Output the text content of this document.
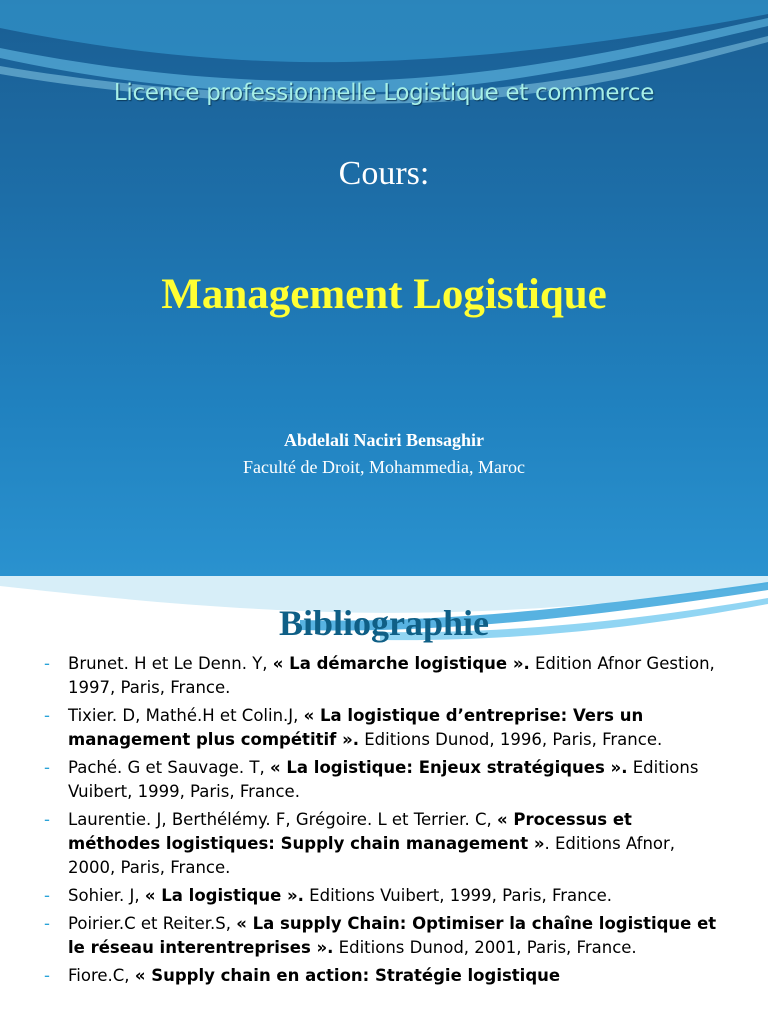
Licence professionnelle Logistique et commerce
Cours:
Management Logistique
Abdelali Naciri Bensaghir
Faculté de Droit, Mohammedia, Maroc
Bibliographie
- Brunet. H et Le Denn. Y, « La démarche logistique ». Edition Afnor Gestion, 1997, Paris, France.
- Tixier. D, Mathé.H et Colin.J, « La logistique d’entreprise: Vers un management plus compétitif ». Editions Dunod, 1996, Paris, France.
- Paché. G et Sauvage. T, « La logistique: Enjeux stratégiques ». Editions Vuibert, 1999, Paris, France.
- Laurentie. J, Berthélémy. F, Grégoire. L et Terrier. C, « Processus et méthodes logistiques: Supply chain management ». Editions Afnor, 2000, Paris, France.
- Sohier. J, « La logistique ». Editions Vuibert, 1999, Paris, France.
- Poirier.C et Reiter.S, « La supply Chain: Optimiser la chaîne logistique et le réseau interentreprises ». Editions Dunod, 2001, Paris, France.
- Fiore.C, « Supply chain en action: Stratégie logistique
